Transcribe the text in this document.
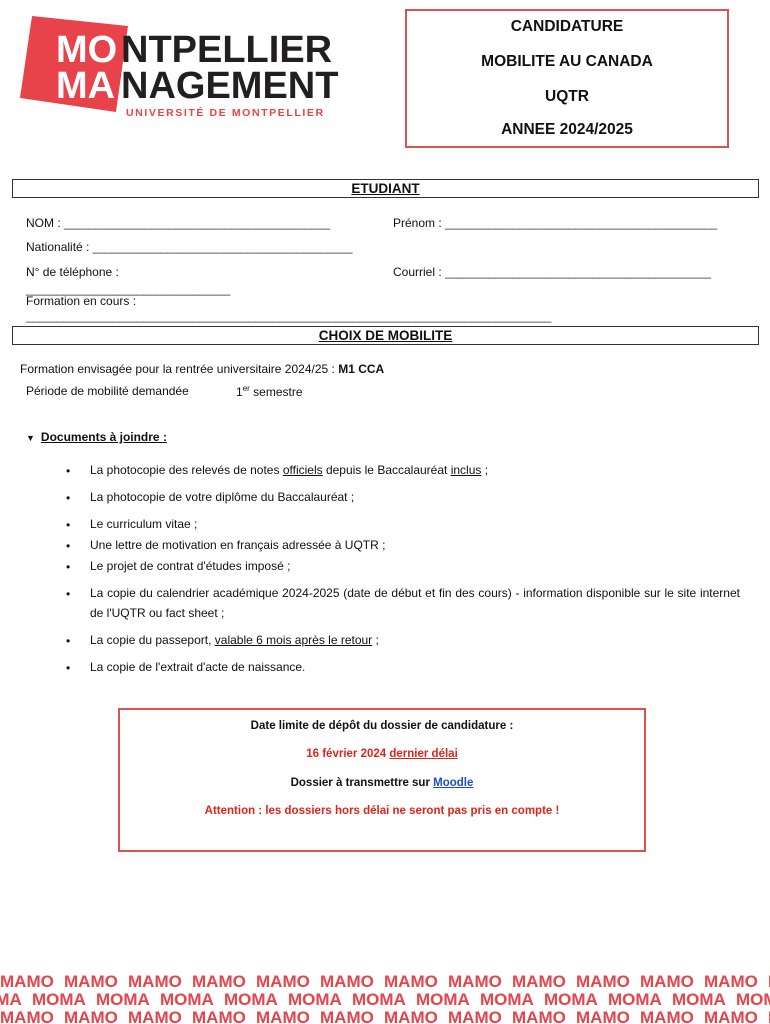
MO NTPELLIER
MA NAGEMENT
UNIVERSITÉ DE MONTPELLIER
CANDIDATURE
MOBILITE AU CANADA
UQTR
ANNEE 2024/2025
ETUDIANT
NOM : ___________________________________________	Prénom : ____________________________________________
Nationalité : __________________________________________
N° de téléphone :
_________________________________
Courriel : ___________________________________________
Formation en cours :
_____________________________________________________________________________________
CHOIX DE MOBILITE
Formation envisagée pour la rentrée universitaire 2024/25 : M1 CCA
Période de mobilité demandée	1er semestre
▼ Documents à joindre :
• La photocopie des relevés de notes officiels depuis le Baccalauréat inclus ;
• La photocopie de votre diplôme du Baccalauréat ;
• Le curriculum vitae ;
• Une lettre de motivation en français adressée à UQTR ;
• Le projet de contrat d'études imposé ;
• La copie du calendrier académique 2024-2025 (date de début et fin des cours) - information disponible sur le site internet de l'UQTR ou fact sheet ;
• La copie du passeport, valable 6 mois après le retour ;
• La copie de l'extrait d'acte de naissance.
Date limite de dépôt du dossier de candidature :
16 février 2024 dernier délai
Dossier à transmettre sur Moodle
Attention : les dossiers hors délai ne seront pas pris en compte !
